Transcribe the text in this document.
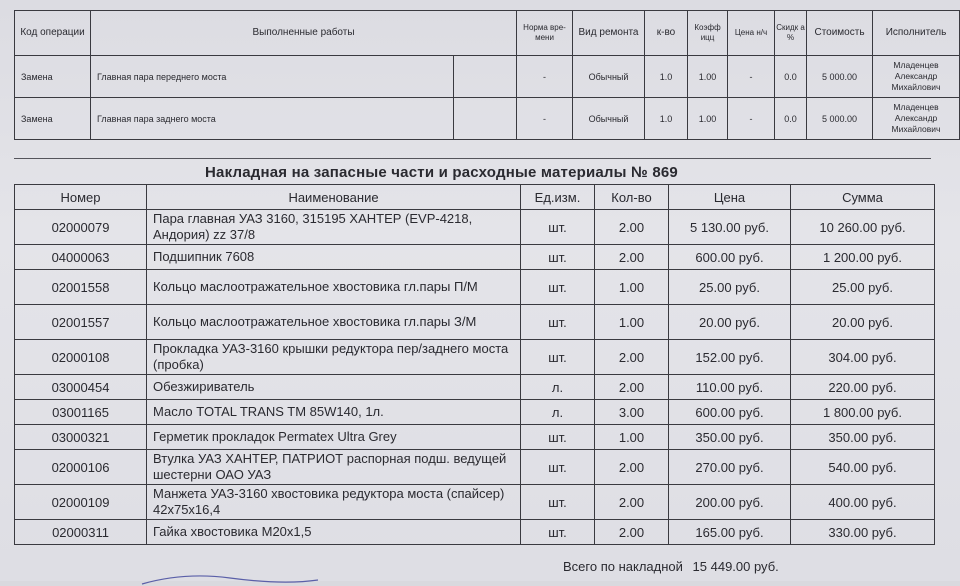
Код операции	Выполненные работы		Норма вре-мени	Вид ремонта	к-во	Коэфф ицц	Цена н/ч	Скидк а %	Стоимость	Исполнитель
Замена	Главная пара переднего моста		-	Обычный	1.0	1.00	-	0.0	5 000.00	Младенцев Александр Михайлович
Замена	Главная пара заднего моста		-	Обычный	1.0	1.00	-	0.0	5 000.00	Младенцев Александр Михайлович
Накладная на запасные части и расходные материалы № 869
Номер	Наименование	Ед.изм.	Кол-во	Цена	Сумма
02000079	Пара главная УАЗ 3160, 315195 ХАНТЕР (EVP-4218, Андория) zz 37/8	шт.	2.00	5 130.00 руб.	10 260.00 руб.
04000063	Подшипник 7608	шт.	2.00	600.00 руб.	1 200.00 руб.
02001558	Кольцо маслоотражательное хвостовика гл.пары П/М	шт.	1.00	25.00 руб.	25.00 руб.
02001557	Кольцо маслоотражательное хвостовика гл.пары З/М	шт.	1.00	20.00 руб.	20.00 руб.
02000108	Прокладка УАЗ-3160 крышки редуктора пер/заднего моста (пробка)	шт.	2.00	152.00 руб.	304.00 руб.
03000454	Обезжириватель	л.	2.00	110.00 руб.	220.00 руб.
03001165	Масло TOTAL TRANS TM 85W140, 1л.	л.	3.00	600.00 руб.	1 800.00 руб.
03000321	Герметик прокладок Permatex Ultra Grey	шт.	1.00	350.00 руб.	350.00 руб.
02000106	Втулка УАЗ ХАНТЕР, ПАТРИОТ распорная подш. ведущей шестерни ОАО УАЗ	шт.	2.00	270.00 руб.	540.00 руб.
02000109	Манжета УАЗ-3160 хвостовика редуктора моста (спайсер) 42x75x16,4	шт.	2.00	200.00 руб.	400.00 руб.
02000311	Гайка хвостовика М20x1,5	шт.	2.00	165.00 руб.	330.00 руб.
Всего по накладной 15 449.00 руб.
